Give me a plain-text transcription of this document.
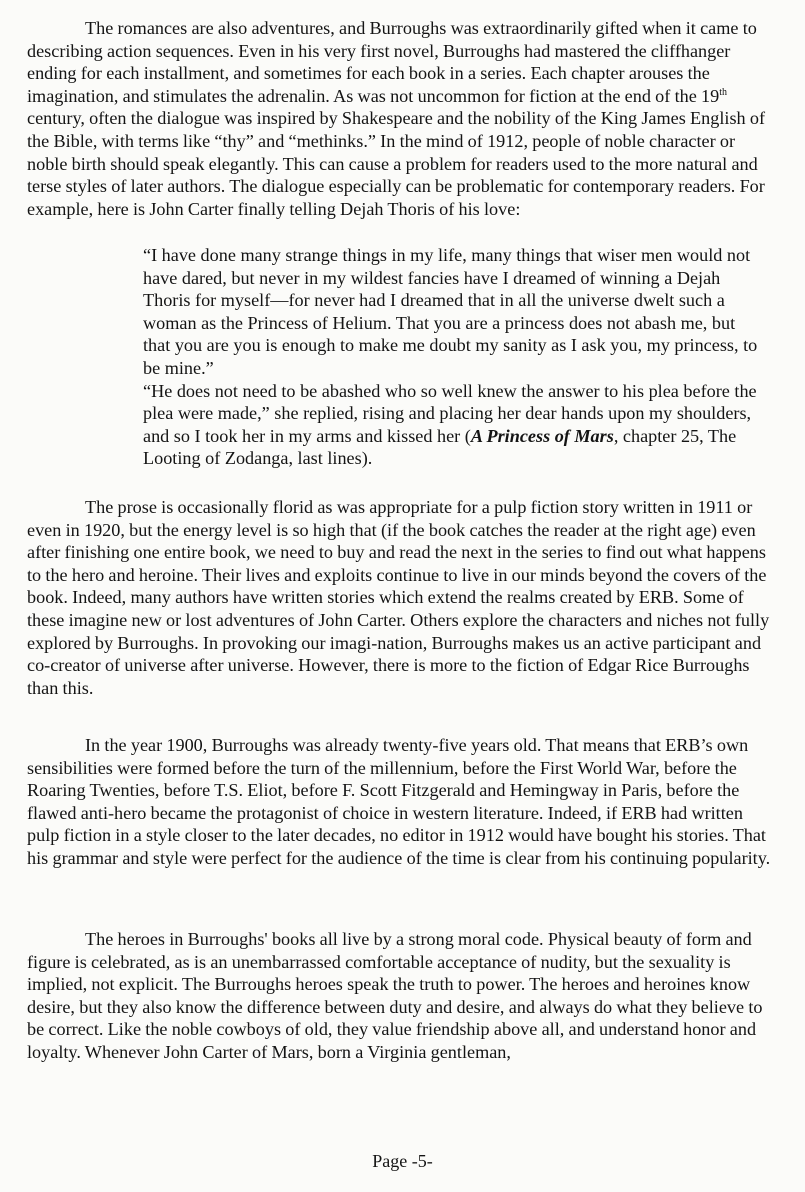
The romances are also adventures, and Burroughs was extraordinarily gifted when it came to describing action sequences. Even in his very first novel, Burroughs had mastered the cliffhanger ending for each installment, and sometimes for each book in a series. Each chapter arouses the imagination, and stimulates the adrenalin. As was not uncommon for fiction at the end of the 19th century, often the dialogue was inspired by Shakespeare and the nobility of the King James English of the Bible, with terms like “thy” and “methinks.” In the mind of 1912, people of noble character or noble birth should speak elegantly. This can cause a problem for readers used to the more natural and terse styles of later authors. The dialogue especially can be problematic for contemporary readers. For example, here is John Carter finally telling Dejah Thoris of his love:

“I have done many strange things in my life, many things that wiser men would not have dared, but never in my wildest fancies have I dreamed of winning a Dejah Thoris for myself—for never had I dreamed that in all the universe dwelt such a woman as the Princess of Helium. That you are a princess does not abash me, but that you are you is enough to make me doubt my sanity as I ask you, my princess, to be mine.”

“He does not need to be abashed who so well knew the answer to his plea before the plea were made,” she replied, rising and placing her dear hands upon my shoulders, and so I took her in my arms and kissed her (A Princess of Mars, chapter 25, The Looting of Zodanga, last lines).

The prose is occasionally florid as was appropriate for a pulp fiction story written in 1911 or even in 1920, but the energy level is so high that (if the book catches the reader at the right age) even after finishing one entire book, we need to buy and read the next in the series to find out what happens to the hero and heroine. Their lives and exploits continue to live in our minds beyond the covers of the book. Indeed, many authors have written stories which extend the realms created by ERB. Some of these imagine new or lost adventures of John Carter. Others explore the characters and niches not fully explored by Burroughs. In provoking our imagi-nation, Burroughs makes us an active participant and co-creator of universe after universe. However, there is more to the fiction of Edgar Rice Burroughs than this.

In the year 1900, Burroughs was already twenty-five years old. That means that ERB’s own sensibilities were formed before the turn of the millennium, before the First World War, before the Roaring Twenties, before T.S. Eliot, before F. Scott Fitzgerald and Hemingway in Paris, before the flawed anti-hero became the protagonist of choice in western literature. Indeed, if ERB had written pulp fiction in a style closer to the later decades, no editor in 1912 would have bought his stories. That his grammar and style were perfect for the audience of the time is clear from his continuing popularity.

The heroes in Burroughs' books all live by a strong moral code. Physical beauty of form and figure is celebrated, as is an unembarrassed comfortable acceptance of nudity, but the sexuality is implied, not explicit. The Burroughs heroes speak the truth to power. The heroes and heroines know desire, but they also know the difference between duty and desire, and always do what they believe to be correct. Like the noble cowboys of old, they value friendship above all, and understand honor and loyalty. Whenever John Carter of Mars, born a Virginia gentleman,

Page -5-
